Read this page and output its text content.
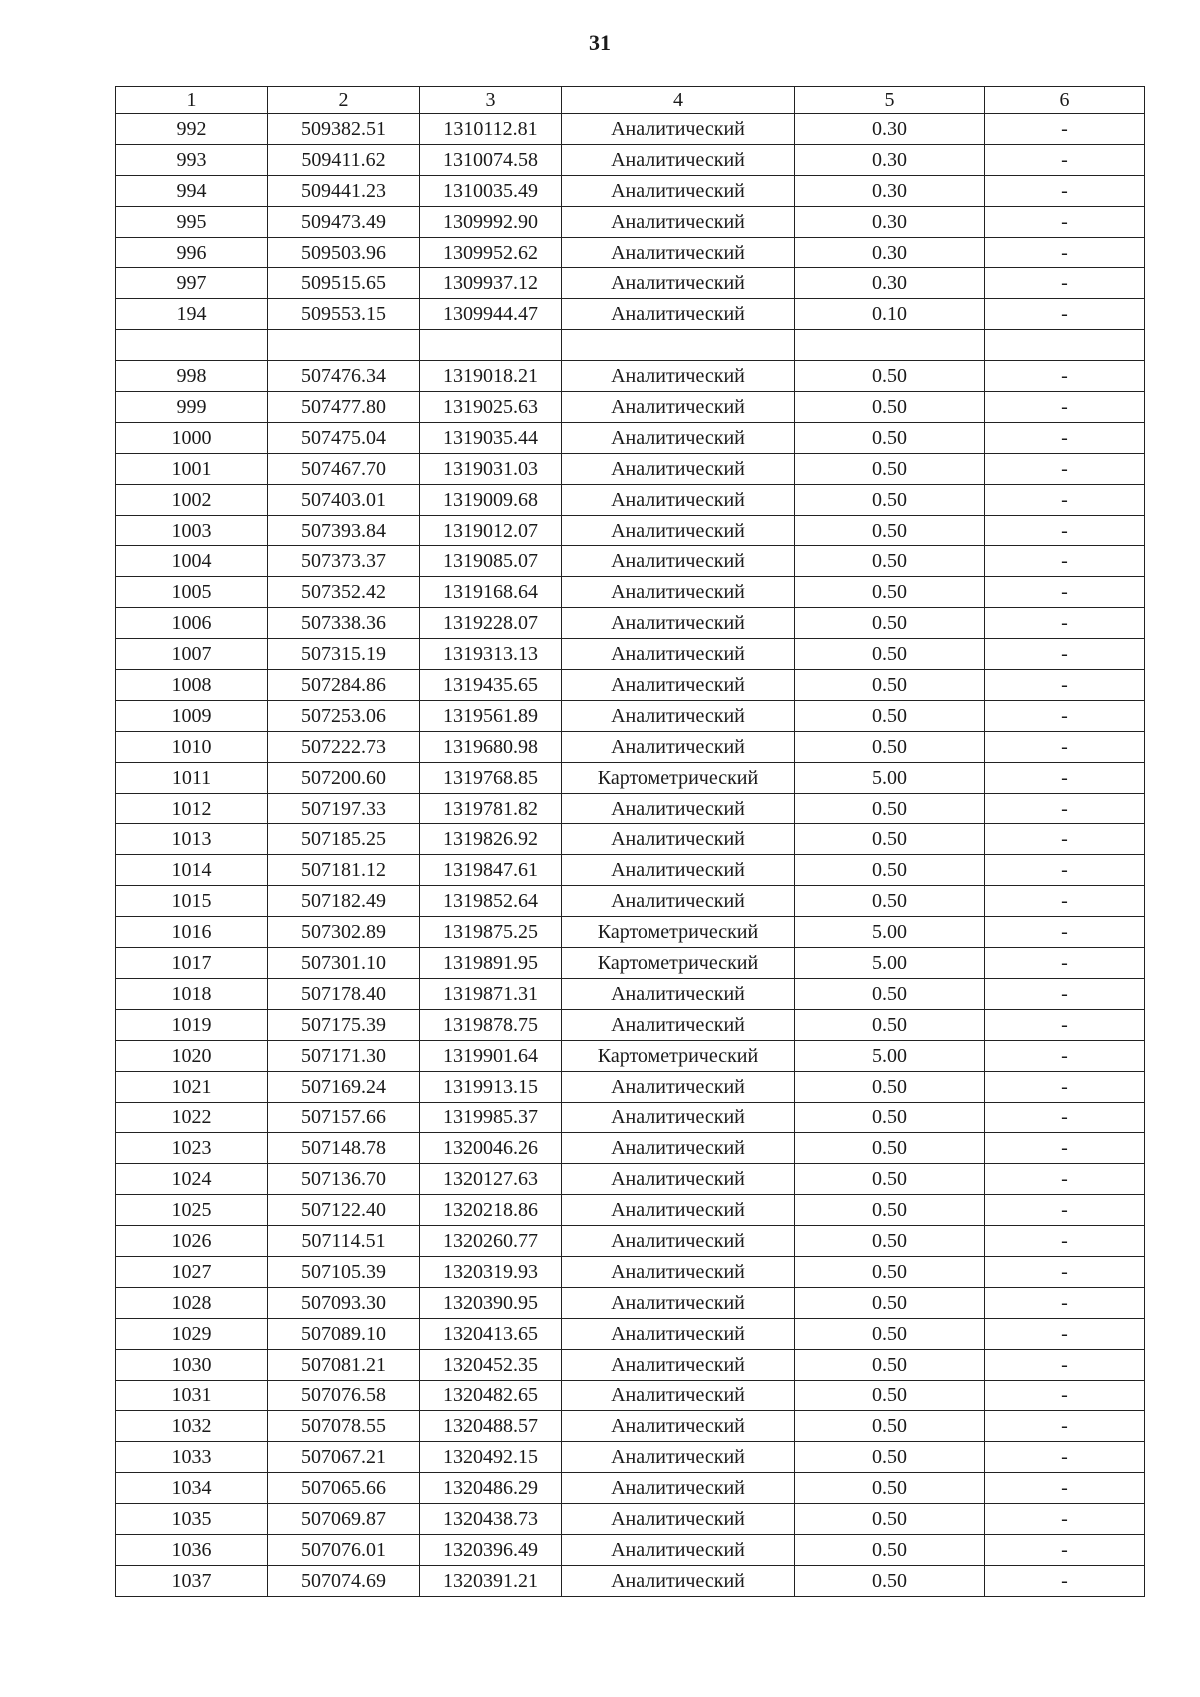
31
1	2	3	4	5	6
992	509382.51	1310112.81	Аналитический	0.30	-
993	509411.62	1310074.58	Аналитический	0.30	-
994	509441.23	1310035.49	Аналитический	0.30	-
995	509473.49	1309992.90	Аналитический	0.30	-
996	509503.96	1309952.62	Аналитический	0.30	-
997	509515.65	1309937.12	Аналитический	0.30	-
194	509553.15	1309944.47	Аналитический	0.10	-

998	507476.34	1319018.21	Аналитический	0.50	-
999	507477.80	1319025.63	Аналитический	0.50	-
1000	507475.04	1319035.44	Аналитический	0.50	-
1001	507467.70	1319031.03	Аналитический	0.50	-
1002	507403.01	1319009.68	Аналитический	0.50	-
1003	507393.84	1319012.07	Аналитический	0.50	-
1004	507373.37	1319085.07	Аналитический	0.50	-
1005	507352.42	1319168.64	Аналитический	0.50	-
1006	507338.36	1319228.07	Аналитический	0.50	-
1007	507315.19	1319313.13	Аналитический	0.50	-
1008	507284.86	1319435.65	Аналитический	0.50	-
1009	507253.06	1319561.89	Аналитический	0.50	-
1010	507222.73	1319680.98	Аналитический	0.50	-
1011	507200.60	1319768.85	Картометрический	5.00	-
1012	507197.33	1319781.82	Аналитический	0.50	-
1013	507185.25	1319826.92	Аналитический	0.50	-
1014	507181.12	1319847.61	Аналитический	0.50	-
1015	507182.49	1319852.64	Аналитический	0.50	-
1016	507302.89	1319875.25	Картометрический	5.00	-
1017	507301.10	1319891.95	Картометрический	5.00	-
1018	507178.40	1319871.31	Аналитический	0.50	-
1019	507175.39	1319878.75	Аналитический	0.50	-
1020	507171.30	1319901.64	Картометрический	5.00	-
1021	507169.24	1319913.15	Аналитический	0.50	-
1022	507157.66	1319985.37	Аналитический	0.50	-
1023	507148.78	1320046.26	Аналитический	0.50	-
1024	507136.70	1320127.63	Аналитический	0.50	-
1025	507122.40	1320218.86	Аналитический	0.50	-
1026	507114.51	1320260.77	Аналитический	0.50	-
1027	507105.39	1320319.93	Аналитический	0.50	-
1028	507093.30	1320390.95	Аналитический	0.50	-
1029	507089.10	1320413.65	Аналитический	0.50	-
1030	507081.21	1320452.35	Аналитический	0.50	-
1031	507076.58	1320482.65	Аналитический	0.50	-
1032	507078.55	1320488.57	Аналитический	0.50	-
1033	507067.21	1320492.15	Аналитический	0.50	-
1034	507065.66	1320486.29	Аналитический	0.50	-
1035	507069.87	1320438.73	Аналитический	0.50	-
1036	507076.01	1320396.49	Аналитический	0.50	-
1037	507074.69	1320391.21	Аналитический	0.50	-
